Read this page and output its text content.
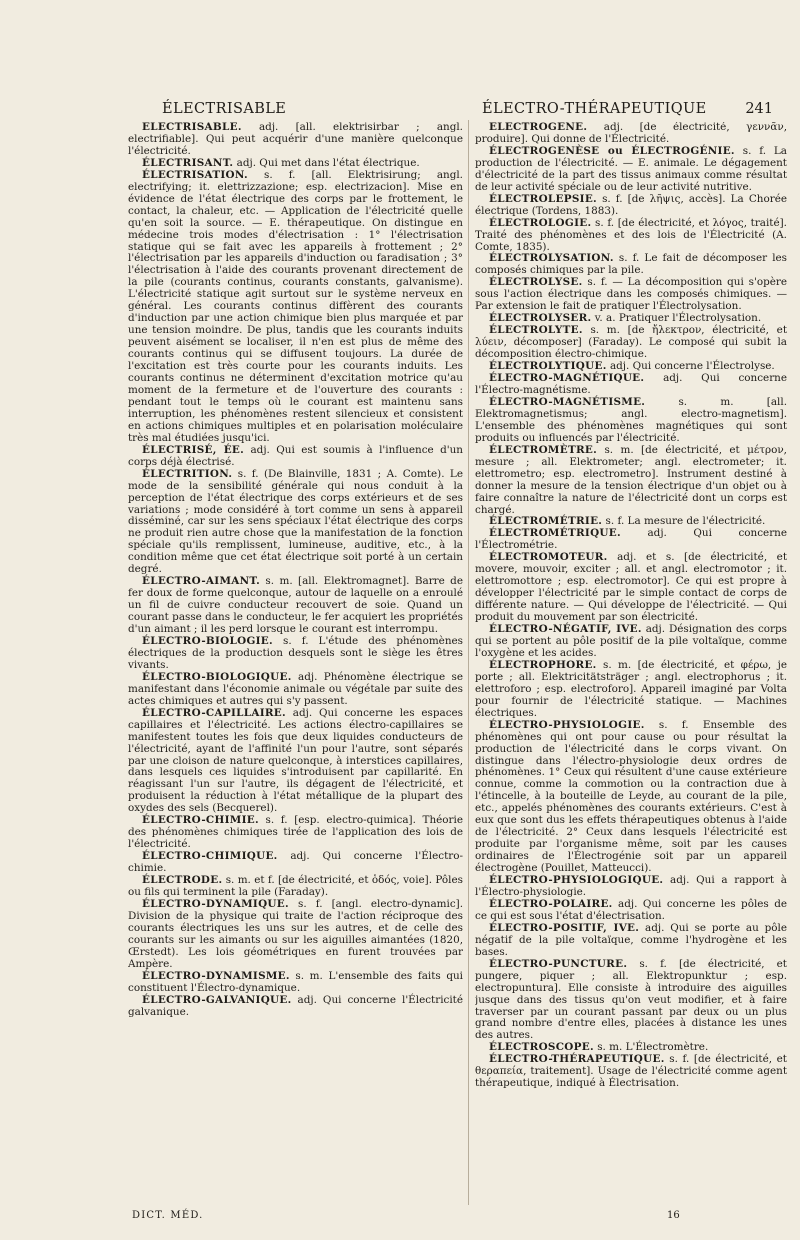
ÉLECTRISABLE	ÉLECTRO-THÉRAPEUTIQUE	241

ÉLECTRISABLE. adj. [all. elektrisirbar ; angl. electrifiable]. Qui peut acquérir d'une manière quelconque l'électricité.

ÉLECTRISANT. adj. Qui met dans l'état électrique.

ÉLECTRISATION. s. f. [all. Elektrisirung; angl. electrifying; it. elettrizzazione; esp. electrizacion]. Mise en évidence de l'état électrique des corps par le frottement, le contact, la chaleur, etc. — Application de l'électricité quelle qu'en soit la source. — E. thérapeutique. On distingue en médecine trois modes d'électrisation : 1° l'électrisation statique qui se fait avec les appareils à frottement ; 2° l'électrisation par les appareils d'induction ou faradisation ; 3° l'électrisation à l'aide des courants provenant directement de la pile (courants continus, courants constants, galvanisme). L'électricité statique agit surtout sur le système nerveux en général. Les courants continus diffèrent des courants d'induction par une action chimique bien plus marquée et par une tension moindre. De plus, tandis que les courants induits peuvent aisément se localiser, il n'en est plus de même des courants continus qui se diffusent toujours. La durée de l'excitation est très courte pour les courants induits. Les courants continus ne déterminent d'excitation motrice qu'au moment de la fermeture et de l'ouverture des courants : pendant tout le temps où le courant est maintenu sans interruption, les phénomènes restent silencieux et consistent en actions chimiques multiples et en polarisation moléculaire très mal étudiées jusqu'ici.

ÉLECTRISÉ, ÉE. adj. Qui est soumis à l'influence d'un corps déjà électrisé.

ÉLECTRITION. s. f. (De Blainville, 1831 ; A. Comte). Le mode de la sensibilité générale qui nous conduit à la perception de l'état électrique des corps extérieurs et de ses variations ; mode considéré à tort comme un sens à appareil disséminé, car sur les sens spéciaux l'état électrique des corps ne produit rien autre chose que la manifestation de la fonction spéciale qu'ils remplissent, lumineuse, auditive, etc., à la condition même que cet état électrique soit porté à un certain degré.

ÉLECTRO-AIMANT. s. m. [all. Elektromagnet]. Barre de fer doux de forme quelconque, autour de laquelle on a enroulé un fil de cuivre conducteur recouvert de soie. Quand un courant passe dans le conducteur, le fer acquiert les propriétés d'un aimant ; il les perd lorsque le courant est interrompu.

ÉLECTRO-BIOLOGIE. s. f. L'étude des phénomènes électriques de la production desquels sont le siège les êtres vivants.

ÉLECTRO-BIOLOGIQUE. adj. Phénomène électrique se manifestant dans l'économie animale ou végétale par suite des actes chimiques et autres qui s'y passent.

ÉLECTRO-CAPILLAIRE. adj. Qui concerne les espaces capillaires et l'électricité. Les actions électro-capillaires se manifestent toutes les fois que deux liquides conducteurs de l'électricité, ayant de l'affinité l'un pour l'autre, sont séparés par une cloison de nature quelconque, à interstices capillaires, dans lesquels ces liquides s'introduisent par capillarité. En réagissant l'un sur l'autre, ils dégagent de l'électricité, et produisent la réduction à l'état métallique de la plupart des oxydes des sels (Becquerel).

ÉLECTRO-CHIMIE. s. f. [esp. electro-quimica]. Théorie des phénomènes chimiques tirée de l'application des lois de l'électricité.

ÉLECTRO-CHIMIQUE. adj. Qui concerne l'Électro-chimie.

ÉLECTRODE. s. m. et f. [de électricité, et ὁδός, voie]. Pôles ou fils qui terminent la pile (Faraday).

ÉLECTRO-DYNAMIQUE. s. f. [angl. electro-dynamic]. Division de la physique qui traite de l'action réciproque des courants électriques les uns sur les autres, et de celle des courants sur les aimants ou sur les aiguilles aimantées (1820, Œrstedt). Les lois géométriques en furent trouvées par Ampère.

ÉLECTRO-DYNAMISME. s. m. L'ensemble des faits qui constituent l'Électro-dynamique.

ÉLECTRO-GALVANIQUE. adj. Qui concerne l'Électricité galvanique.

ÉLECTROGÈNE. adj. [de électricité, γεννᾶν, produire]. Qui donne de l'Électricité.

ÉLECTROGENÈSE ou ÉLECTROGÉNIE. s. f. La production de l'électricité. — E. animale. Le dégagement d'électricité de la part des tissus animaux comme résultat de leur activité spéciale ou de leur activité nutritive.

ÉLECTROLEPSIE. s. f. [de λῆψις, accès]. La Chorée électrique (Tordens, 1883).

ÉLECTROLOGIE. s. f. [de électricité, et λόγος, traité]. Traité des phénomènes et des lois de l'Électricité (A. Comte, 1835).

ÉLECTROLYSATION. s. f. Le fait de décomposer les composés chimiques par la pile.

ÉLECTROLYSE. s. f. — La décomposition qui s'opère sous l'action électrique dans les composés chimiques. — Par extension le fait de pratiquer l'Électrolysation.

ÉLECTROLYSER. v. a. Pratiquer l'Électrolysation.

ÉLECTROLYTE. s. m. [de ἤλεκτρον, électricité, et λύειν, décomposer] (Faraday). Le composé qui subit la décomposition électro-chimique.

ÉLECTROLYTIQUE. adj. Qui concerne l'Électrolyse.

ÉLECTRO-MAGNÉTIQUE. adj. Qui concerne l'Électro-magnétisme.

ÉLECTRO-MAGNÉTISME. s. m. [all. Elektromagnetismus; angl. electro-magnetism]. L'ensemble des phénomènes magnétiques qui sont produits ou influencés par l'électricité.

ÉLECTROMÈTRE. s. m. [de électricité, et μέτρον, mesure ; all. Elektrometer; angl. electrometer; it. elettrometro; esp. electrometro]. Instrument destiné à donner la mesure de la tension électrique d'un objet ou à faire connaître la nature de l'électricité dont un corps est chargé.

ÉLECTROMÉTRIE. s. f. La mesure de l'électricité.

ÉLECTROMÉTRIQUE. adj. Qui concerne l'Électrométrie.

ÉLECTROMOTEUR. adj. et s. [de électricité, et movere, mouvoir, exciter ; all. et angl. electromotor ; it. elettromottore ; esp. electromotor]. Ce qui est propre à développer l'électricité par le simple contact de corps de différente nature. — Qui développe de l'électricité. — Qui produit du mouvement par son électricité.

ÉLECTRO-NÉGATIF, IVE. adj. Désignation des corps qui se portent au pôle positif de la pile voltaïque, comme l'oxygène et les acides.

ÉLECTROPHORE. s. m. [de électricité, et φέρω, je porte ; all. Elektricitätsträger ; angl. electrophorus ; it. elettroforo ; esp. electroforo]. Appareil imaginé par Volta pour fournir de l'électricité statique. — Machines électriques.

ÉLECTRO-PHYSIOLOGIE. s. f. Ensemble des phénomènes qui ont pour cause ou pour résultat la production de l'électricité dans le corps vivant. On distingue dans l'électro-physiologie deux ordres de phénomènes. 1° Ceux qui résultent d'une cause extérieure connue, comme la commotion ou la contraction due à l'étincelle, à la bouteille de Leyde, au courant de la pile, etc., appelés phénomènes des courants extérieurs. C'est à eux que sont dus les effets thérapeutiques obtenus à l'aide de l'électricité. 2° Ceux dans lesquels l'électricité est produite par l'organisme même, soit par les causes ordinaires de l'Électrogénie soit par un appareil électrogène (Pouillet, Matteucci).

ÉLECTRO-PHYSIOLOGIQUE. adj. Qui a rapport à l'Électro-physiologie.

ÉLECTRO-POLAIRE. adj. Qui concerne les pôles de ce qui est sous l'état d'électrisation.

ÉLECTRO-POSITIF, IVE. adj. Qui se porte au pôle négatif de la pile voltaïque, comme l'hydrogène et les bases.

ÉLECTRO-PUNCTURE. s. f. [de électricité, et pungere, piquer ; all. Elektropunktur ; esp. electropuntura]. Elle consiste à introduire des aiguilles jusque dans des tissus qu'on veut modifier, et à faire traverser par un courant passant par deux ou un plus grand nombre d'entre elles, placées à distance les unes des autres.

ÉLECTROSCOPE. s. m. L'Électromètre.

ÉLECTRO-THÉRAPEUTIQUE. s. f. [de électricité, et θεραπεία, traitement]. Usage de l'électricité comme agent thérapeutique, indiqué à Électrisation.

DICT. MÉD.	16
